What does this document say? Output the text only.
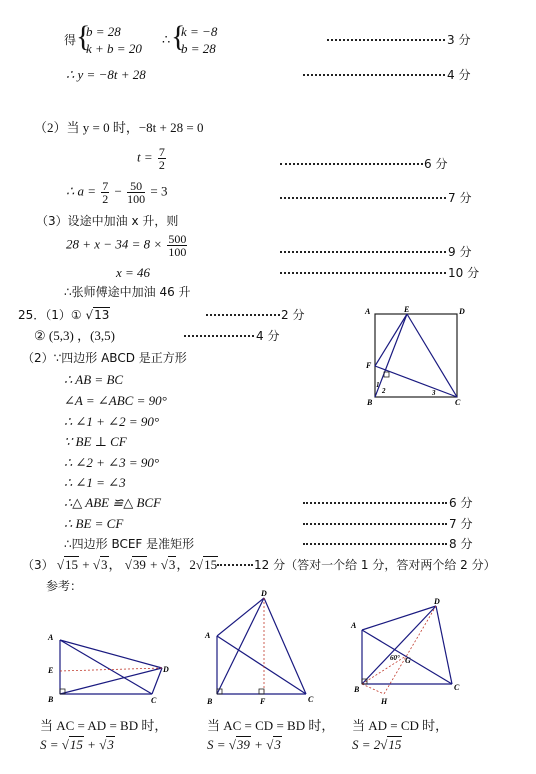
得 {
b = 28
k + b = 20
∴ {
k = −8
b = 28
3 分
∴ y = −8t + 28	4 分
（2）当 y = 0 时，−8t + 28 = 0
$t = \frac{7}{2}$	6 分
∴ $a = \frac{7}{2} - \frac{50}{100} = 3$	7 分
（3）设途中加油 x 升，则
$28 + x - 34 = 8 \times \frac{500}{100}$	9 分
x = 46	10 分
∴张师傅途中加油 46 升
25．（1）① √13	2 分
② (5,3) ，(3,5)	4 分
（2）∵四边形 ABCD 是正方形
∴ AB = BC
∠A = ∠ABC = 90°
∴ ∠1 + ∠2 = 90°
∵ BE ⊥ CF
∴ ∠2 + ∠3 = 90°
∴ ∠1 = ∠3
∴△ ABE ≌△ BCF
∴ BE = CF
∴四边形 BCEF 是准矩形
6 分
7 分
8 分
（3） √15 + √3， √39 + √3，2√15	12 分（答对一个给 1 分，答对两个给 2 分）
参考：
A	E	D
F
B	C
1
2	3
A
E
B	C
D
D
A
B	F	C
D
A
60° G
B
H
C
当 AC = AD = BD 时，
S = √15 + √3
当 AC = CD = BD 时，
S = √39 + √3
当 AD = CD 时，
S = 2√15
